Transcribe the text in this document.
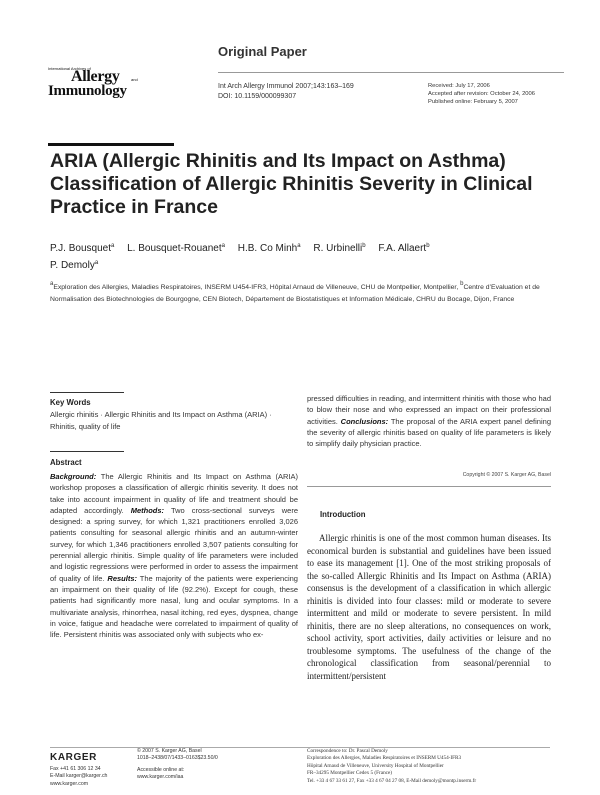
Original Paper
International Archives of
Allergy	and
Immunology	Int Arch Allergy Immunol 2007;143:163–169
DOI: 10.1159/000099307
Received: July 17, 2006
Accepted after revision: October 24, 2006
Published online: February 5, 2007
ARIA (Allergic Rhinitis and Its Impact on Asthma) Classification of Allergic Rhinitis Severity in Clinical Practice in France
P.J. Bousquet$^a$ L. Bousquet-Rouanet$^a$ H.B. Co Minh$^a$ R. Urbinelli$^b$ F.A. Allaert$^b$
P. Demoly$^a$
$^a$Exploration des Allergies, Maladies Respiratoires, INSERM U454-IFR3, Hôpital Arnaud de Villeneuve, CHU de Montpellier, Montpellier, $^b$Centre d’Evaluation et de Normalisation des Biotechnologies de Bourgogne, CEN Biotech, Département de Biostatistiques et Information Médicale, CHRU du Bocage, Dijon, France
Key Words
Allergic rhinitis · Allergic Rhinitis and Its Impact on Asthma (ARIA) · Rhinitis, quality of life
Abstract

Background: The Allergic Rhinitis and Its Impact on Asthma (ARIA) workshop proposes a classification of allergic rhinitis severity. It does not take into account impairment in quality of life and treatment should be adapted accordingly. Methods: Two cross-sectional surveys were designed: a spring survey, for which 1,321 practitioners enrolled 3,026 patients consulting for seasonal allergic rhinitis and an autumn-winter survey, for which 1,346 practitioners enrolled 3,507 patients consulting for perennial allergic rhinitis. Simple quality of life parameters were included and logistic regressions were performed in order to assess the impairment of quality of life. Results: The majority of the patients were experiencing an impairment on their quality of life (92.2%). Except for cough, these patients had significantly more nasal, lung and ocular symptoms. In a multivariate analysis, rhinorrhea, nasal itching, red eyes, dyspnea, change in voice, fatigue and headache were correlated to impairment of quality of life. Persistent rhinitis was associated only with subjects who ex-

pressed difficulties in reading, and intermittent rhinitis with those who had to blow their nose and who expressed an impact on their professional activities. Conclusions: The proposal of the ARIA expert panel defining the severity of allergic rhinitis based on quality of life parameters is likely to simplify daily physician practice.

Copyright © 2007 S. Karger AG, Basel
Introduction

Allergic rhinitis is one of the most common human diseases. Its economical burden is substantial and guidelines have been issued to ease its management [1]. One of the most striking proposals of the so-called Allergic Rhinitis and Its Impact on Asthma (ARIA) consensus is the development of a classification in which allergic rhinitis is divided into four classes: mild or moderate to severe intermittent and mild or moderate to severe persistent. In mild rhinitis, there are no sleep alterations, no consequences on work, school activity, sport activities, daily activities or leisure and no troublesome symptoms. The usefulness of the change of the chronological classification from seasonal/perennial to intermittent/persistent

KARGER
Fax +41 61 306 12 34
E-Mail karger@karger.ch
www.karger.com
© 2007 S. Karger AG, Basel
1018–2438/07/1433–0163$23.50/0
Accessible online at:
www.karger.com/iaa
Correspondence to: Dr. Pascal Demoly
Exploration des Allergies, Maladies Respiratoires et INSERM U454-IFR3
Hôpital Arnaud de Villeneuve, University Hospital of Montpellier
FR–34295 Montpellier Cedex 5 (France)
Tel. +33 4 67 33 61 27, Fax +33 4 67 04 27 08, E-Mail demoly@montp.inserm.fr
